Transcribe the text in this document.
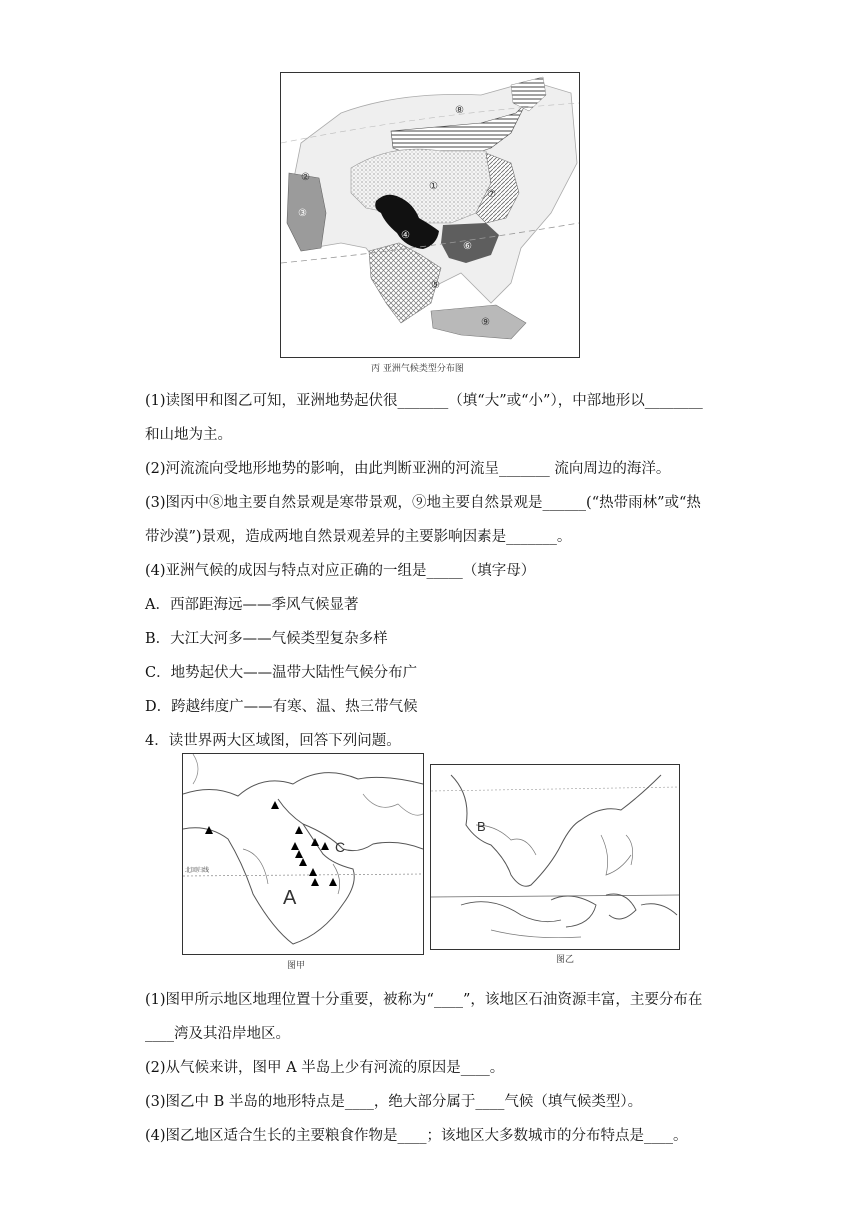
①
②
③
④
⑤
⑥
⑦
⑧
⑨
丙 亚洲气候类型分布图
(1)读图甲和图乙可知，亚洲地势起伏很_______（填“大”或“小”），中部地形以________
和山地为主。
(2)河流流向受地形地势的影响，由此判断亚洲的河流呈_______ 流向周边的海洋。
(3)图丙中⑧地主要自然景观是寒带景观，⑨地主要自然景观是______(“热带雨林”或“热
带沙漠”)景观，造成两地自然景观差异的主要影响因素是_______。
(4)亚洲气候的成因与特点对应正确的一组是_____（填字母）
A．西部距海远——季风气候显著
B．大江大河多——气候类型复杂多样
C．地势起伏大——温带大陆性气候分布广
D．跨越纬度广——有寒、温、热三带气候
4．读世界两大区域图，回答下列问题。
北回归线
A
C
图甲
B
图乙
(1)图甲所示地区地理位置十分重要，被称为“____”，该地区石油资源丰富，主要分布在
____湾及其沿岸地区。
(2)从气候来讲，图甲 A 半岛上少有河流的原因是____。
(3)图乙中 B 半岛的地形特点是____，绝大部分属于____气候（填气候类型）。
(4)图乙地区适合生长的主要粮食作物是____；该地区大多数城市的分布特点是____。
